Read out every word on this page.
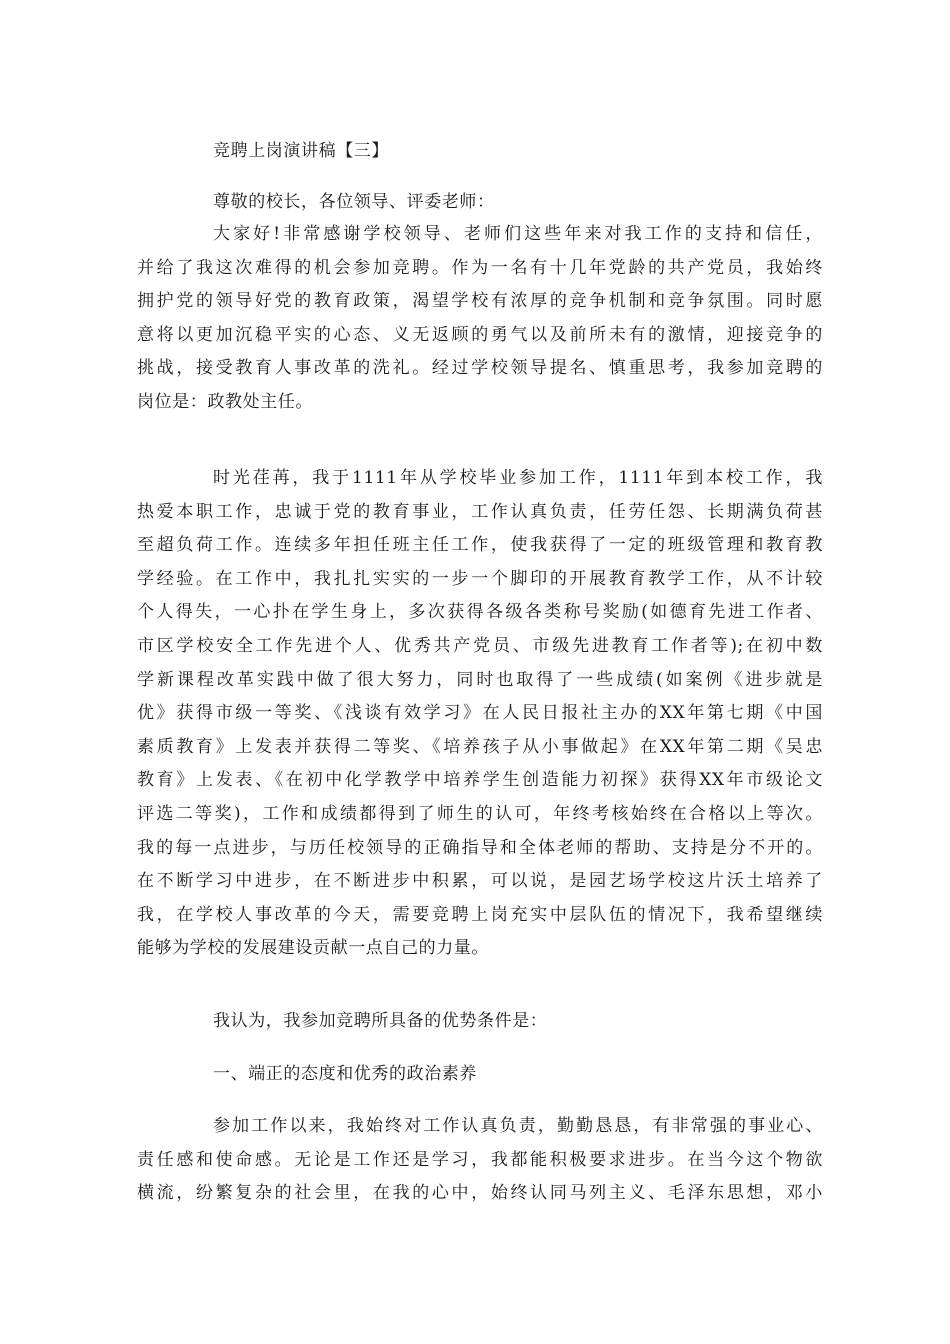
竞聘上岗演讲稿【三】

尊敬的校长，各位领导、评委老师：

大家好!非常感谢学校领导、老师们这些年来对我工作的支持和信任，
并给了我这次难得的机会参加竞聘。作为一名有十几年党龄的共产党员，我始终
拥护党的领导好党的教育政策，渴望学校有浓厚的竞争机制和竞争氛围。同时愿
意将以更加沉稳平实的心态、义无返顾的勇气以及前所未有的激情，迎接竞争的
挑战，接受教育人事改革的洗礼。经过学校领导提名、慎重思考，我参加竞聘的
岗位是：政教处主任。

时光荏苒，我于1111年从学校毕业参加工作，1111年到本校工作，我
热爱本职工作，忠诚于党的教育事业，工作认真负责，任劳任怨、长期满负荷甚
至超负荷工作。连续多年担任班主任工作，使我获得了一定的班级管理和教育教
学经验。在工作中，我扎扎实实的一步一个脚印的开展教育教学工作，从不计较
个人得失，一心扑在学生身上，多次获得各级各类称号奖励(如德育先进工作者、
市区学校安全工作先进个人、优秀共产党员、市级先进教育工作者等);在初中数
学新课程改革实践中做了很大努力，同时也取得了一些成绩(如案例《进步就是
优》获得市级一等奖、《浅谈有效学习》在人民日报社主办的XX年第七期《中国
素质教育》上发表并获得二等奖、《培养孩子从小事做起》在XX年第二期《吴忠
教育》上发表、《在初中化学教学中培养学生创造能力初探》获得XX年市级论文
评选二等奖)，工作和成绩都得到了师生的认可，年终考核始终在合格以上等次。
我的每一点进步，与历任校领导的正确指导和全体老师的帮助、支持是分不开的。
在不断学习中进步，在不断进步中积累，可以说，是园艺场学校这片沃土培养了
我，在学校人事改革的今天，需要竞聘上岗充实中层队伍的情况下，我希望继续
能够为学校的发展建设贡献一点自己的力量。

我认为，我参加竞聘所具备的优势条件是：

一、端正的态度和优秀的政治素养

参加工作以来，我始终对工作认真负责，勤勤恳恳，有非常强的事业心、
责任感和使命感。无论是工作还是学习，我都能积极要求进步。在当今这个物欲
横流，纷繁复杂的社会里，在我的心中，始终认同马列主义、毛泽东思想，邓小
